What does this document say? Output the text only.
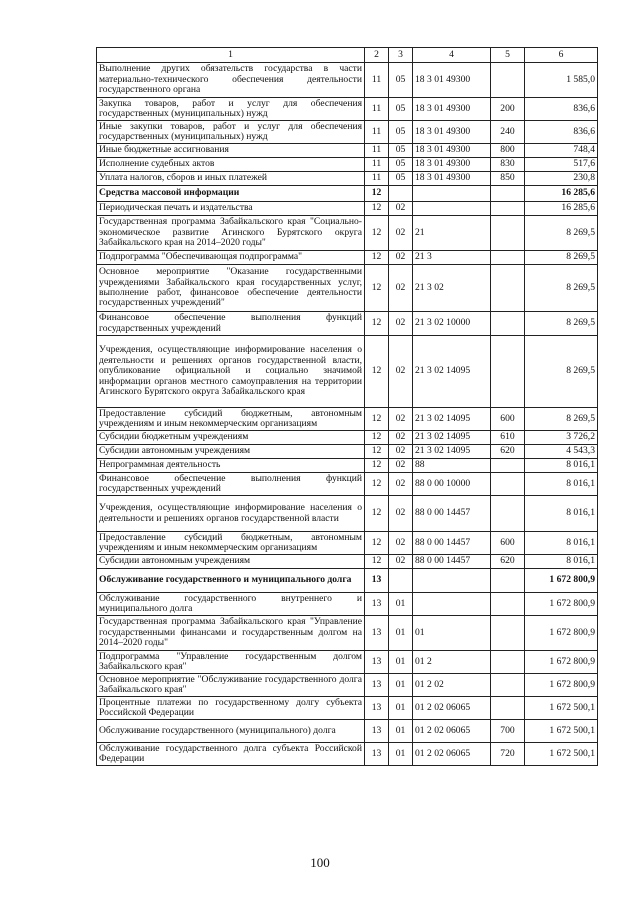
1	2	3	4	5	6
Выполнение других обязательств государства в части материально-технического обеспечения деятельности государственного органа	11	05	18 3 01 49300		1 585,0
Закупка товаров, работ и услуг для обеспечения государственных (муниципальных) нужд	11	05	18 3 01 49300	200	836,6
Иные закупки товаров, работ и услуг для обеспечения государственных (муниципальных) нужд	11	05	18 3 01 49300	240	836,6
Иные бюджетные ассигнования	11	05	18 3 01 49300	800	748,4
Исполнение судебных актов	11	05	18 3 01 49300	830	517,6
Уплата налогов, сборов и иных платежей	11	05	18 3 01 49300	850	230,8
Средства массовой информации	12				16 285,6
Периодическая печать и издательства	12	02			16 285,6
Государственная программа Забайкальского края "Социально-экономическое развитие Агинского Бурятского округа Забайкальского края на 2014–2020 годы"	12	02	21		8 269,5
Подпрограмма "Обеспечивающая подпрограмма"	12	02	21 3		8 269,5
Основное мероприятие "Оказание государственными учреждениями Забайкальского края государственных услуг, выполнение работ, финансовое обеспечение деятельности государственных учреждений"	12	02	21 3 02		8 269,5
Финансовое обеспечение выполнения функций государственных учреждений	12	02	21 3 02 10000		8 269,5
Учреждения, осуществляющие информирование населения о деятельности и решениях органов государственной власти, опубликование официальной и социально значимой информации органов местного самоуправления на территории Агинского Бурятского округа Забайкальского края	12	02	21 3 02 14095		8 269,5
Предоставление субсидий бюджетным, автономным учреждениям и иным некоммерческим организациям	12	02	21 3 02 14095	600	8 269,5
Субсидии бюджетным учреждениям	12	02	21 3 02 14095	610	3 726,2
Субсидии автономным учреждениям	12	02	21 3 02 14095	620	4 543,3
Непрограммная деятельность	12	02	88		8 016,1
Финансовое обеспечение выполнения функций государственных учреждений	12	02	88 0 00 10000		8 016,1
Учреждения, осуществляющие информирование населения о деятельности и решениях органов государственной власти	12	02	88 0 00 14457		8 016,1
Предоставление субсидий бюджетным, автономным учреждениям и иным некоммерческим организациям	12	02	88 0 00 14457	600	8 016,1
Субсидии автономным учреждениям	12	02	88 0 00 14457	620	8 016,1
Обслуживание государственного и муниципального долга	13				1 672 800,9
Обслуживание государственного внутреннего и муниципального долга	13	01			1 672 800,9
Государственная программа Забайкальского края "Управление государственными финансами и государственным долгом на 2014–2020 годы"	13	01	01		1 672 800,9
Подпрограмма "Управление государственным долгом Забайкальского края"	13	01	01 2		1 672 800,9
Основное мероприятие "Обслуживание государственного долга Забайкальского края"	13	01	01 2 02		1 672 800,9
Процентные платежи по государственному долгу субъекта Российской Федерации	13	01	01 2 02 06065		1 672 500,1
Обслуживание государственного (муниципального) долга	13	01	01 2 02 06065	700	1 672 500,1
Обслуживание государственного долга субъекта Российской Федерации	13	01	01 2 02 06065	720	1 672 500,1
100
